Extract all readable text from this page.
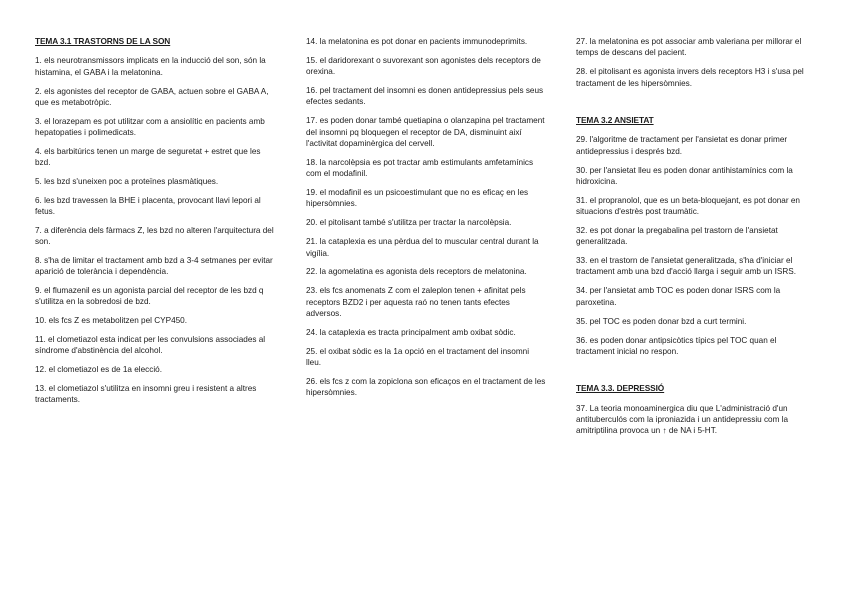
TEMA 3.1 TRASTORNS DE LA SON
1. els neurotransmissors implicats en la inducció del son, són la histamina, el GABA i la melatonina.
2. els agonistes del receptor de GABA, actuen sobre el GABA A, que es metabotròpic.
3. el lorazepam es pot utilitzar com a ansiolític en pacients amb hepatopaties i polimedicats.
4. els barbitúrics tenen un marge de seguretat + estret que les bzd.
5. les bzd s'uneixen poc a proteïnes plasmàtiques.
6. les bzd travessen la BHE i placenta, provocant llavi lepori al fetus.
7. a diferència dels fàrmacs Z, les bzd no alteren l'arquitectura del son.
8. s'ha de limitar el tractament amb bzd a 3-4 setmanes per evitar aparició de tolerància i dependència.
9. el flumazenil es un agonista parcial del receptor de les bzd q s'utilitza en la sobredosi de bzd.
10. els fcs Z es metabolitzen pel CYP450.
11. el clometiazol esta indicat per les convulsions associades al síndrome d'abstinència del alcohol.
12. el clometiazol es de 1a elecció.
13. el clometiazol s'utilitza en insomni greu i resistent a altres tractaments.
14. la melatonina es pot donar en pacients immunodeprimits.
15. el daridorexant o suvorexant son agonistes dels receptors de orexina.
16. pel tractament del insomni es donen antidepressius pels seus efectes sedants.
17. es poden donar també quetiapina o olanzapina pel tractament del insomni pq bloquegen el receptor de DA, disminuint així l'activitat dopaminèrgica del cervell.
18. la narcolèpsia es pot tractar amb estimulants amfetamínics com el modafinil.
19. el modafinil es un psicoestimulant que no es eficaç en les hipersòmnies.
20. el pitolisant també s'utilitza per tractar la narcolèpsia.
21. la cataplexia es una pèrdua del to muscular central durant la vigília.
22. la agomelatina es agonista dels receptors de melatonina.
23. els fcs anomenats Z com el zaleplon tenen + afinitat pels receptors BZD2 i per aquesta raó no tenen tants efectes adversos.
24. la cataplexia es tracta principalment amb oxibat sòdic.
25. el oxibat sòdic es la 1a opció en el tractament del insomni lleu.
26. els fcs z com la zopiclona son eficaços en el tractament de les hipersòmnies.
27. la melatonina es pot associar amb valeriana per millorar el temps de descans del pacient.
28. el pitolisant es agonista invers dels receptors H3 i s'usa pel tractament de les hipersòmnies.
TEMA 3.2 ANSIETAT
29. l'algoritme de tractament per l'ansietat es donar primer antidepressius i després bzd.
30. per l'ansietat lleu es poden donar antihistamínics com la hidroxicina.
31. el propranolol, que es un beta-bloquejant, es pot donar en situacions d'estrès post traumàtic.
32. es pot donar la pregabalina pel trastorn de l'ansietat generalitzada.
33. en el trastorn de l'ansietat generalitzada, s'ha d'iniciar el tractament amb una bzd d'acció llarga i seguir amb un ISRS.
34. per l'ansietat amb TOC es poden donar ISRS com la paroxetina.
35. pel TOC es poden donar bzd a curt termini.
36. es poden donar antipsicòtics típics pel TOC quan el tractament inicial no respon.
TEMA 3.3. DEPRESSIÓ
37. La teoria monoaminergica diu que L'administració d'un antituberculós com la iproniazida i un antidepressiu com la amitriptilina provoca un ↑ de NA i 5-HT.
